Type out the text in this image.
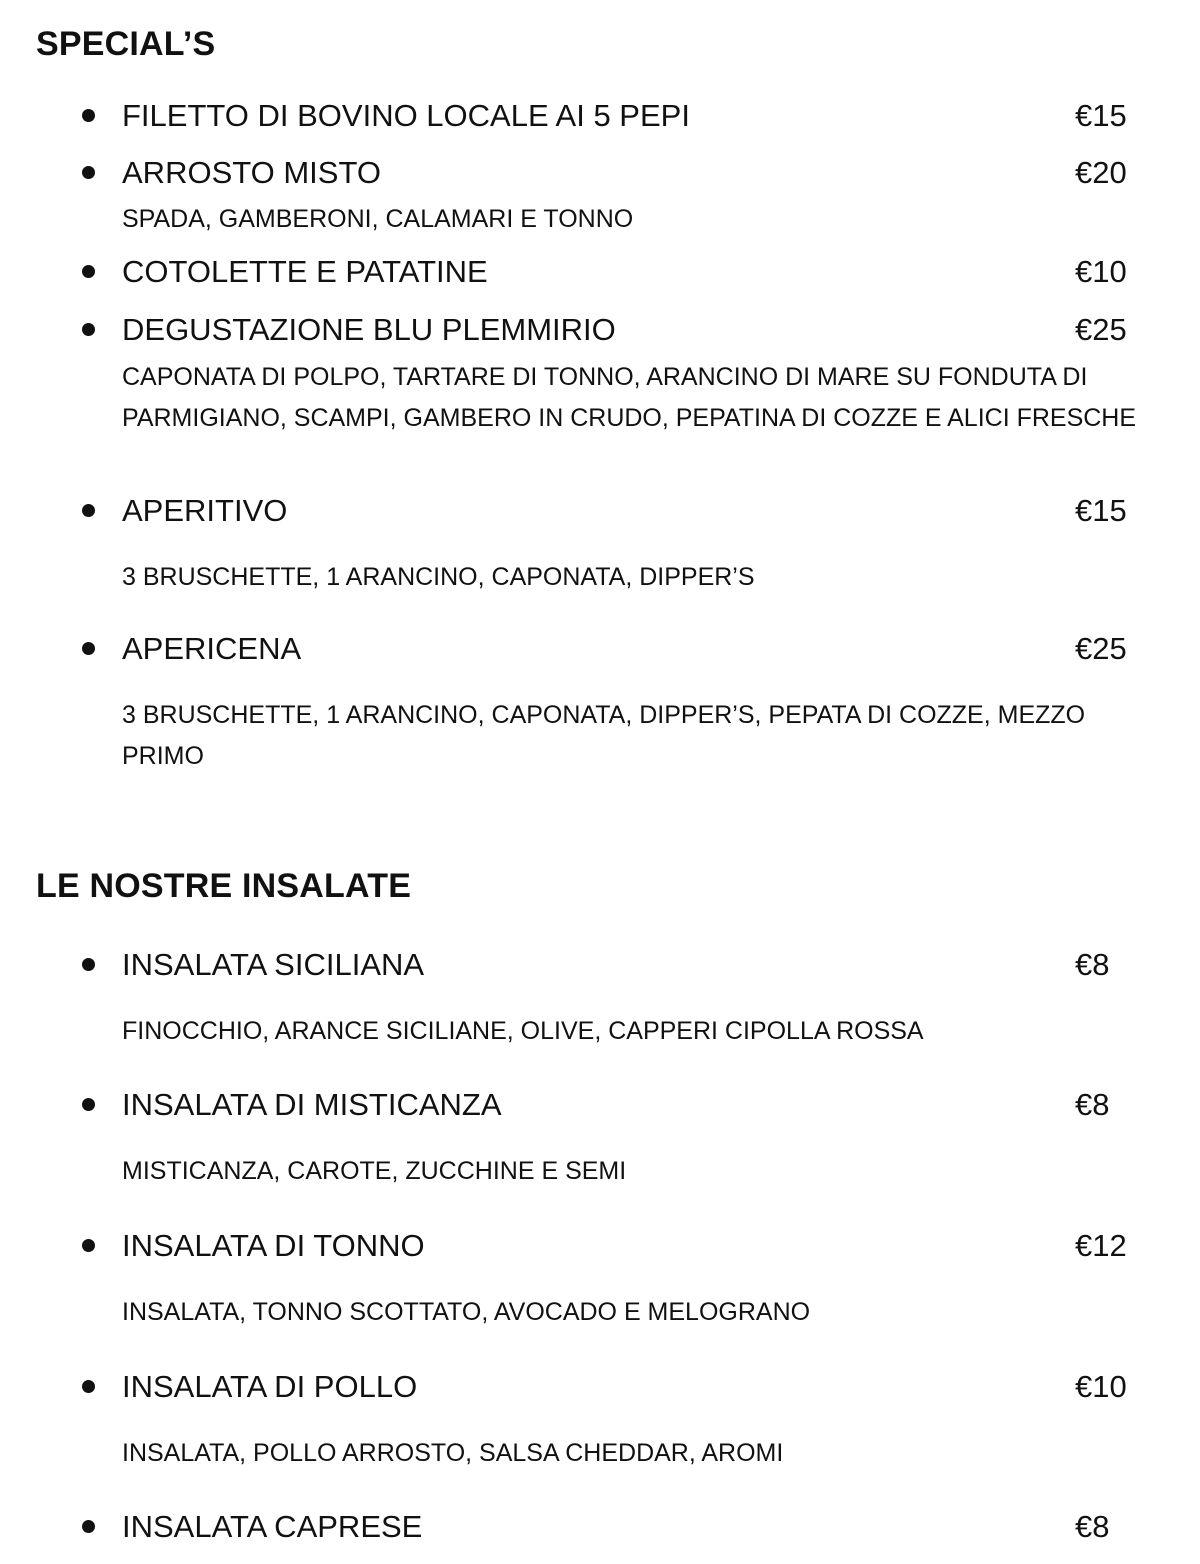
SPECIAL’S
FILETTO DI BOVINO LOCALE AI 5 PEPI	€15
ARROSTO MISTO	€20

SPADA, GAMBERONI, CALAMARI E TONNO

COTOLETTE E PATATINE	€10
DEGUSTAZIONE BLU PLEMMIRIO	€25

CAPONATA DI POLPO, TARTARE DI TONNO, ARANCINO DI MARE SU FONDUTA DI PARMIGIANO, SCAMPI, GAMBERO IN CRUDO, PEPATINA DI COZZE E ALICI FRESCHE

APERITIVO	€15

3 BRUSCHETTE, 1 ARANCINO, CAPONATA, DIPPER’S

APERICENA	€25

3 BRUSCHETTE, 1 ARANCINO, CAPONATA, DIPPER’S, PEPATA DI COZZE, MEZZO PRIMO

LE NOSTRE INSALATE
INSALATA SICILIANA	€8

FINOCCHIO, ARANCE SICILIANE, OLIVE, CAPPERI CIPOLLA ROSSA

INSALATA DI MISTICANZA	€8

MISTICANZA, CAROTE, ZUCCHINE E SEMI

INSALATA DI TONNO	€12

INSALATA, TONNO SCOTTATO, AVOCADO E MELOGRANO

INSALATA DI POLLO	€10

INSALATA, POLLO ARROSTO, SALSA CHEDDAR, AROMI

INSALATA CAPRESE	€8
